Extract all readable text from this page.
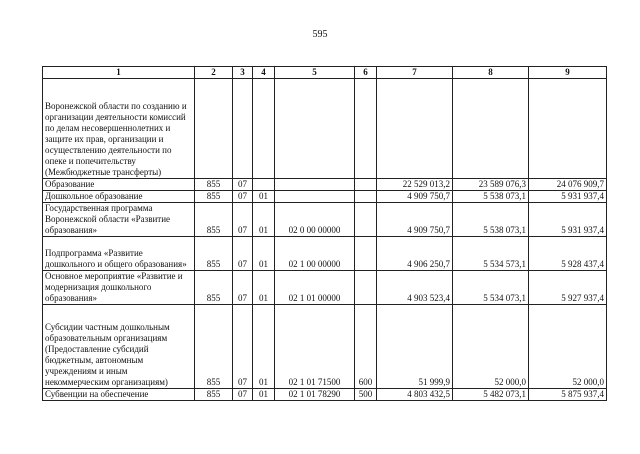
595
1	2	3	4	5	6	7	8	9
Воронежской области по созданию и организации деятельности комиссий по делам несовершеннолетних и защите их прав, организации и осуществлению деятельности по опеке и попечительству (Межбюджетные трансферты)								
Образование	855	07				22 529 013,2	23 589 076,3	24 076 909,7
Дошкольное образование	855	07	01			4 909 750,7	5 538 073,1	5 931 937,4
Государственная программа Воронежской области «Развитие образования»	855	07	01	02 0 00 00000		4 909 750,7	5 538 073,1	5 931 937,4
Подпрограмма «Развитие дошкольного и общего образования»	855	07	01	02 1 00 00000		4 906 250,7	5 534 573,1	5 928 437,4
Основное мероприятие «Развитие и модернизация дошкольного образования»	855	07	01	02 1 01 00000		4 903 523,4	5 534 073,1	5 927 937,4
Субсидии частным дошкольным образовательным организациям (Предоставление субсидий бюджетным, автономным учреждениям и иным некоммерческим организациям)	855	07	01	02 1 01 71500	600	51 999,9	52 000,0	52 000,0
Субвенции на обеспечение	855	07	01	02 1 01 78290	500	4 803 432,5	5 482 073,1	5 875 937,4
